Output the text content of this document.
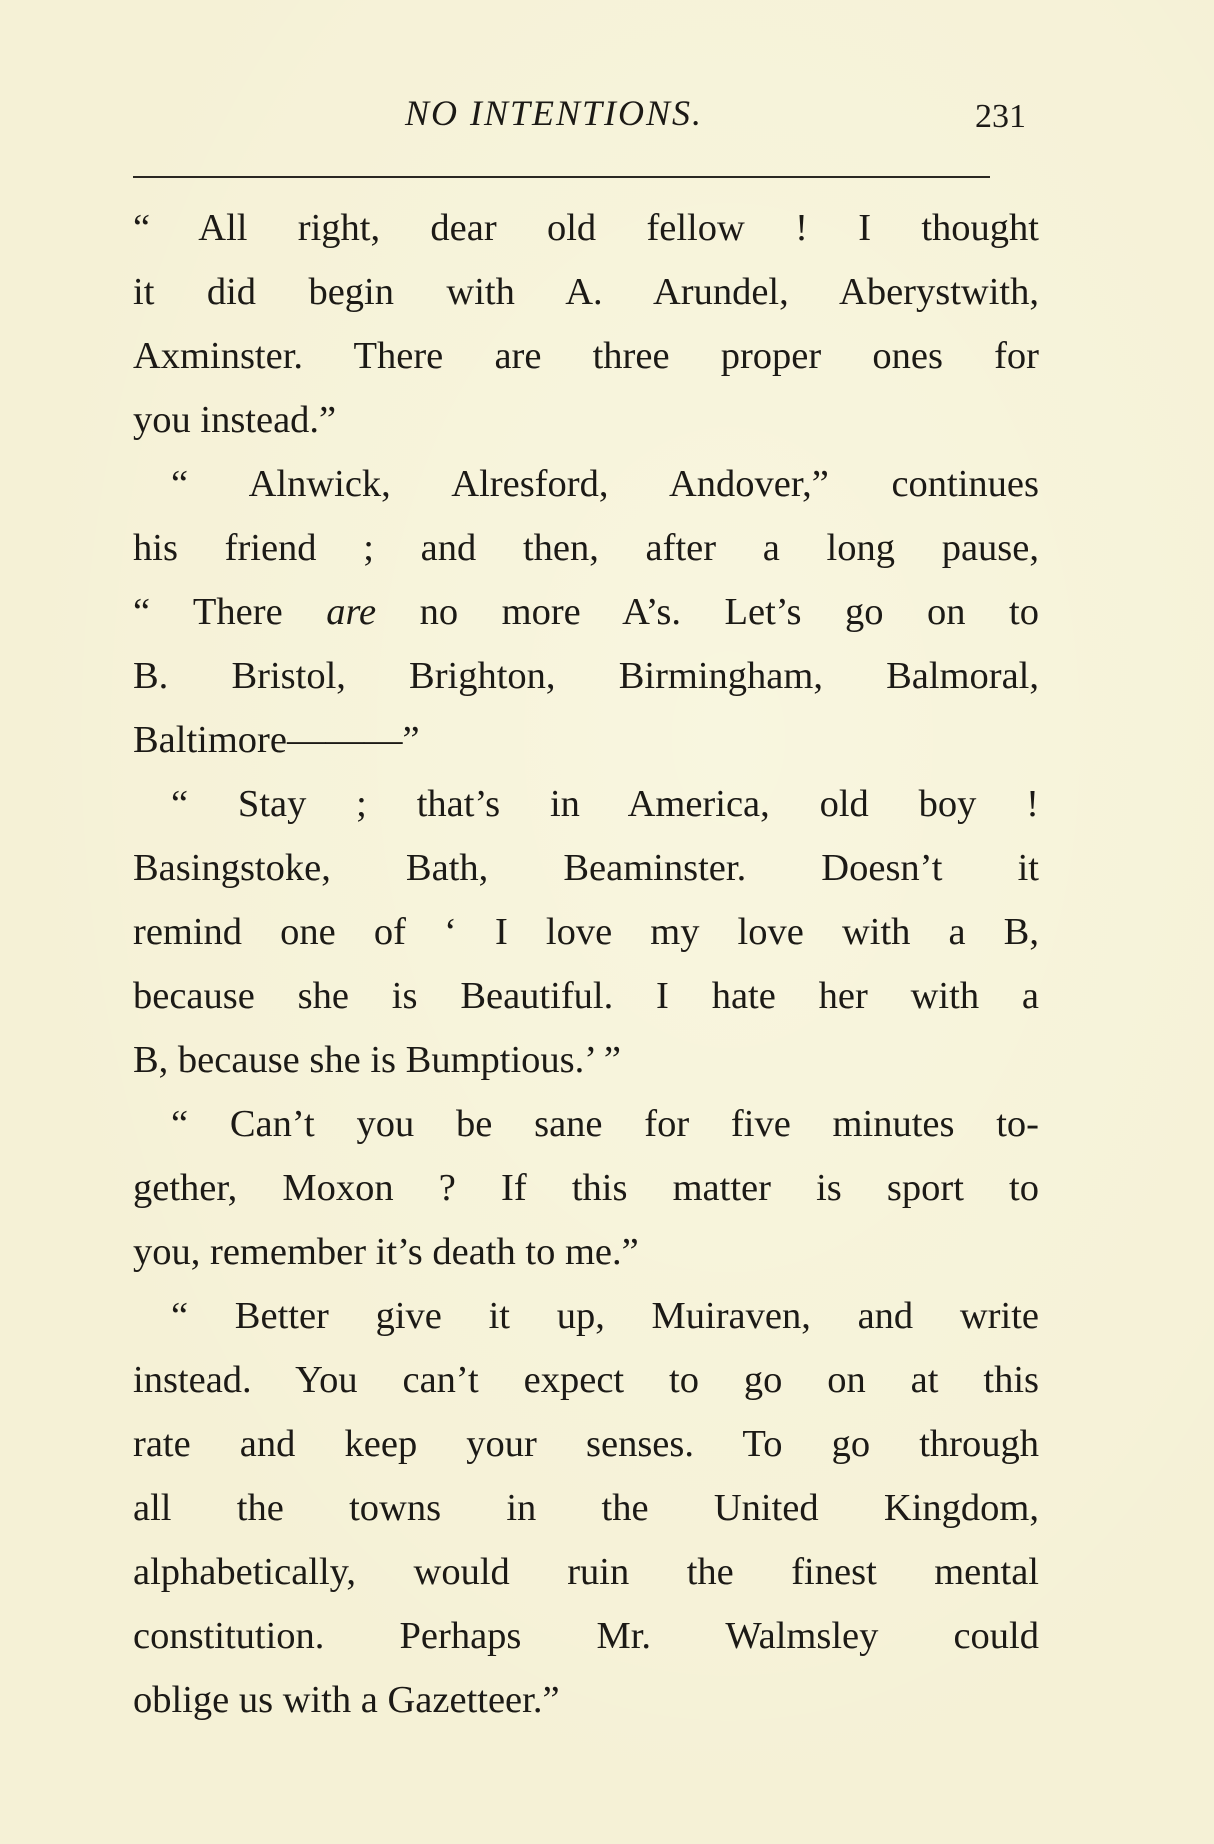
NO INTENTIONS.	231
“ All right, dear old fellow ! I thought
it did begin with A. Arundel, Aberystwith,
Axminster. There are three proper ones for
you instead.”
“ Alnwick, Alresford, Andover,” continues
his friend ; and then, after a long pause,
“ There are no more A’s. Let’s go on to
B. Bristol, Brighton, Birmingham, Balmoral,
Baltimore———”
“ Stay ; that’s in America, old boy !
Basingstoke, Bath, Beaminster. Doesn’t it
remind one of ‘ I love my love with a B,
because she is Beautiful. I hate her with a
B, because she is Bumptious.’ ”
“ Can’t you be sane for five minutes to-
gether, Moxon ? If this matter is sport to
you, remember it’s death to me.”
“ Better give it up, Muiraven, and write
instead. You can’t expect to go on at this
rate and keep your senses. To go through
all the towns in the United Kingdom,
alphabetically, would ruin the finest mental
constitution. Perhaps Mr. Walmsley could
oblige us with a Gazetteer.”
